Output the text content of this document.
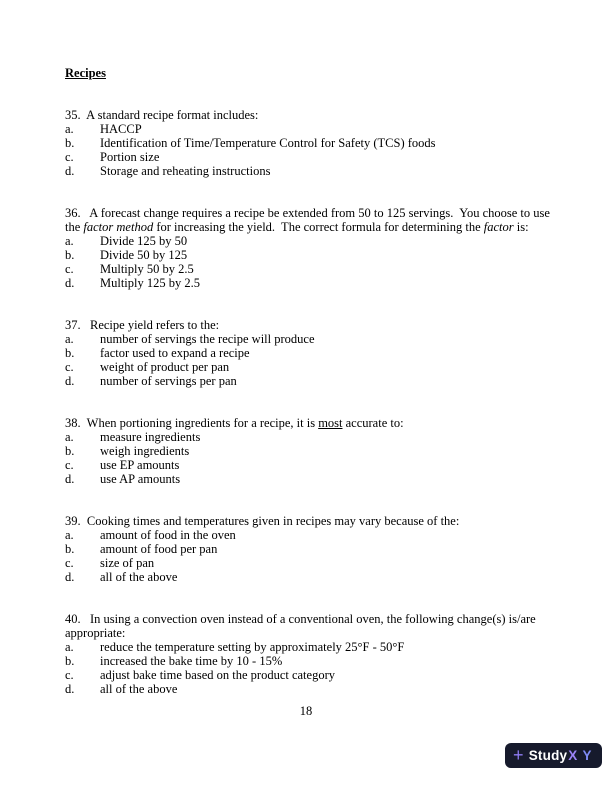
Recipes
35.  A standard recipe format includes:
a.	HACCP
b.	Identification of Time/Temperature Control for Safety (TCS) foods
c.	Portion size
d.	Storage and reheating instructions
36.   A forecast change requires a recipe be extended from 50 to 125 servings.  You choose to use
the factor method for increasing the yield.  The correct formula for determining the factor is:
a.	Divide 125 by 50
b.	Divide 50 by 125
c.	Multiply 50 by 2.5
d.	Multiply 125 by 2.5
37.   Recipe yield refers to the:
a.	number of servings the recipe will produce
b.	factor used to expand a recipe
c.	weight of product per pan
d.	number of servings per pan
38.  When portioning ingredients for a recipe, it is most accurate to:
a.	measure ingredients
b.	weigh ingredients
c.	use EP amounts
d.	use AP amounts
39.  Cooking times and temperatures given in recipes may vary because of the:
a.	amount of food in the oven
b.	amount of food per pan
c.	size of pan
d.	all of the above
40.   In using a convection oven instead of a conventional oven, the following change(s) is/are
appropriate:
a.	reduce the temperature setting by approximately 25°F - 50°F
b.	increased the bake time by 10 - 15%
c.	adjust bake time based on the product category
d.	all of the above
18
+ Study X Y
